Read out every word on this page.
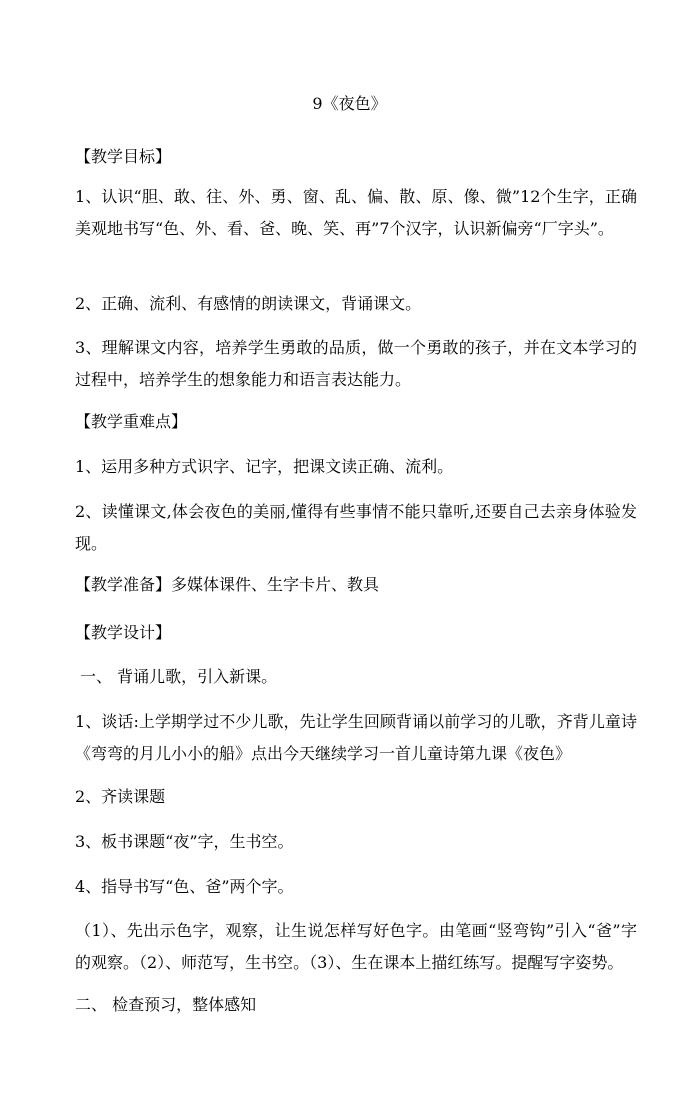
9《夜色》
【教学目标】
1、认识“胆、敢、往、外、勇、窗、乱、偏、散、原、像、微”12个生字，正确美观地书写“色、外、看、爸、晚、笑、再”7个汉字，认识新偏旁“厂字头”。
2、正确、流利、有感情的朗读课文，背诵课文。
3、理解课文内容，培养学生勇敢的品质，做一个勇敢的孩子，并在文本学习的过程中，培养学生的想象能力和语言表达能力。
【教学重难点】
1、运用多种方式识字、记字，把课文读正确、流利。
2、读懂课文,体会夜色的美丽,懂得有些事情不能只靠听,还要自己去亲身体验发现。
【教学准备】多媒体课件、生字卡片、教具
【教学设计】
一、 背诵儿歌，引入新课。
1、谈话:上学期学过不少儿歌，先让学生回顾背诵以前学习的儿歌，齐背儿童诗《弯弯的月儿小小的船》点出今天继续学习一首儿童诗第九课《夜色》
2、齐读课题
3、板书课题“夜”字，生书空。
4、指导书写“色、爸”两个字。
（1）、先出示色字，观察，让生说怎样写好色字。由笔画“竖弯钩”引入“爸”字的观察。（2）、师范写，生书空。（3）、生在课本上描红练写。提醒写字姿势。
二、 检查预习，整体感知
